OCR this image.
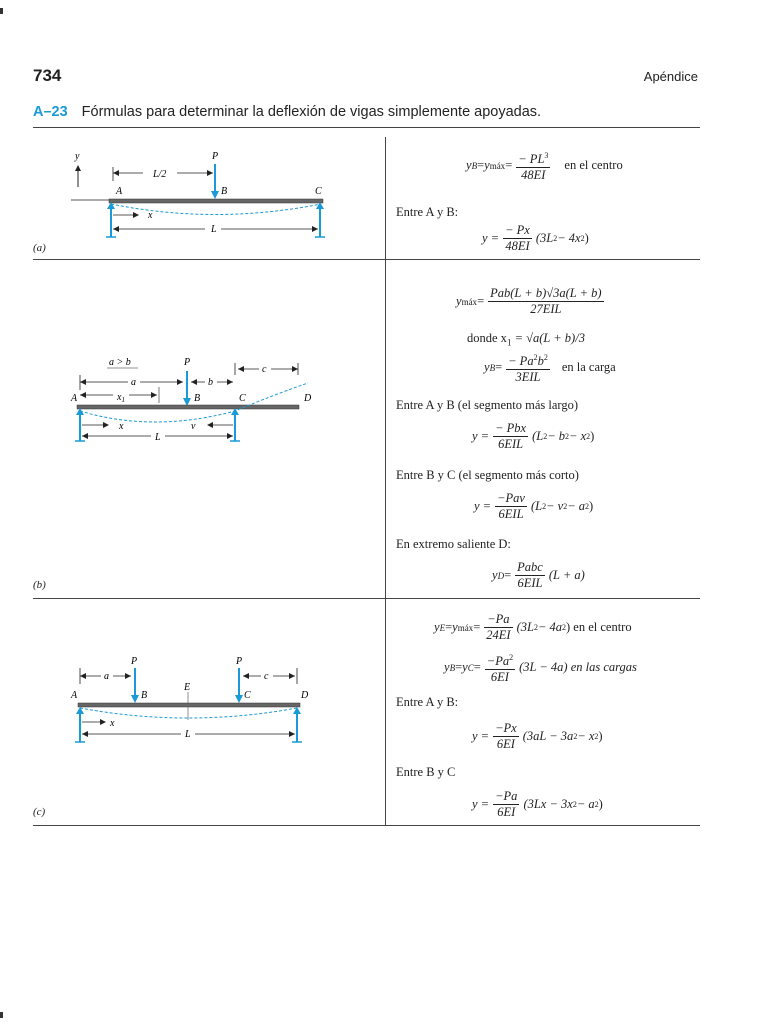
734	Apéndice
A–23 Fórmulas para determinar la deflexión de vigas simplemente apoyadas.
y
L/2
P
A	B	C
x
L
(a)
y B = y máx = $\frac{- PL^3}{48EI}$ en el centro
Entre A y B:
$y = \frac{- Px}{48EI} (3L$ 2 − 4x 2 )
a > b	P
a	b
c
A	$x_1$	B	C	D
x	v
L
(b)
y máx = $\frac{\text{Pab(L + b)√3a(L + b)}}{\text{27EIL}}$
donde $x_1 = √a(L + b)/3$
y $B = \frac{- Pa^2b^2}{\text{3EIL}}$ en la carga
Entre A y B (el segmento más largo)
$y = \frac{\text{− Pbx}}{\text{6EIL}} (L$ 2 − b 2 − x 2 )
Entre B y C (el segmento más corto)
$y = \frac{\text{−Pav}}{\text{6EIL}} (L$ 2 − v 2 − a 2 )
En extremo saliente D:
y $D = \frac{\text{Pabc}}{\text{6EIL}} (L + a)$
P	P
a	c
A	B
E
C	D
x
L
(c)
y E = y máx = $\frac{-Pa}{24EI} (3L$ 2 − 4a 2 ) en el centro
y B = y $C = \frac{-Pa^2}{6EI} (3L - 4a)$ en las cargas
Entre A y B:
$y = \frac{-Px}{6EI} (3aL - 3a$ 2 − x 2 )
Entre B y C
$y = \frac{-Pa}{6EI} (3Lx - 3x$ 2 − a 2 )
